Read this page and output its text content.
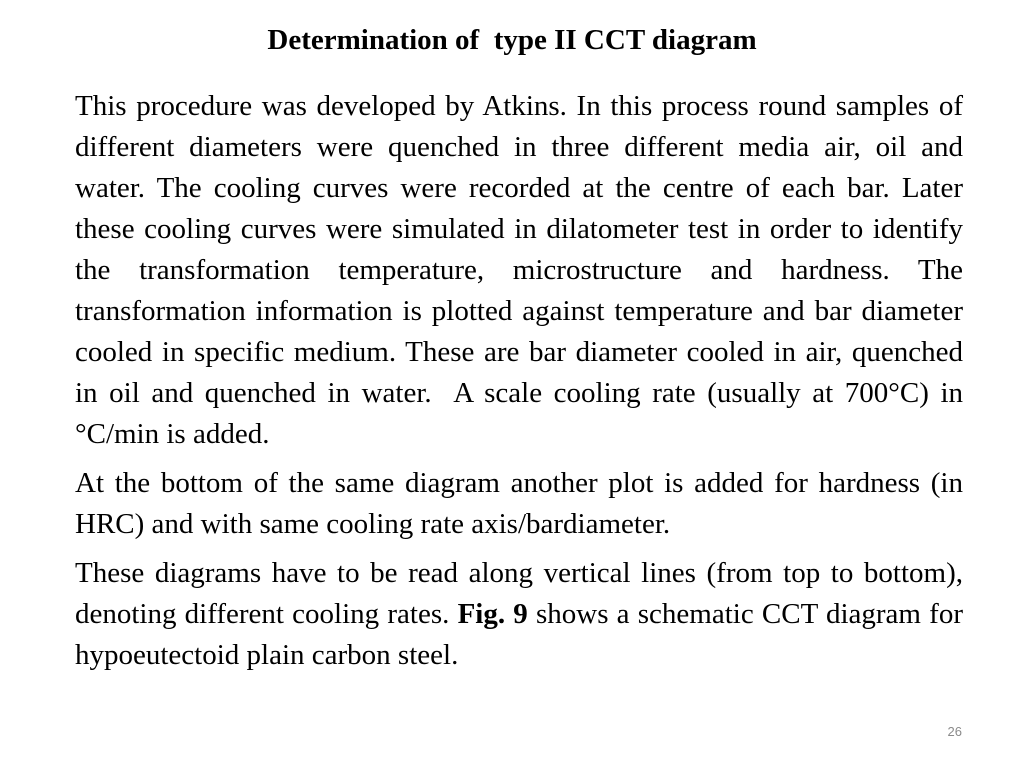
Determination of  type II CCT diagram

This procedure was developed by Atkins. In this process round samples of different diameters were quenched in three different media air, oil and water. The cooling curves were recorded at the centre of each bar. Later these cooling curves were simulated in dilatometer test in order to identify the transformation temperature, microstructure and hardness. The transformation information is plotted against temperature and bar diameter cooled in specific medium. These are bar diameter cooled in air, quenched in oil and quenched in water.  A scale cooling rate (usually at 700°C) in °C/min is added.

At the bottom of the same diagram another plot is added for hardness (in HRC) and with same cooling rate axis/bardiameter.

These diagrams have to be read along vertical lines (from top to bottom), denoting different cooling rates. Fig. 9 shows a schematic CCT diagram for hypoeutectoid plain carbon steel.

26
